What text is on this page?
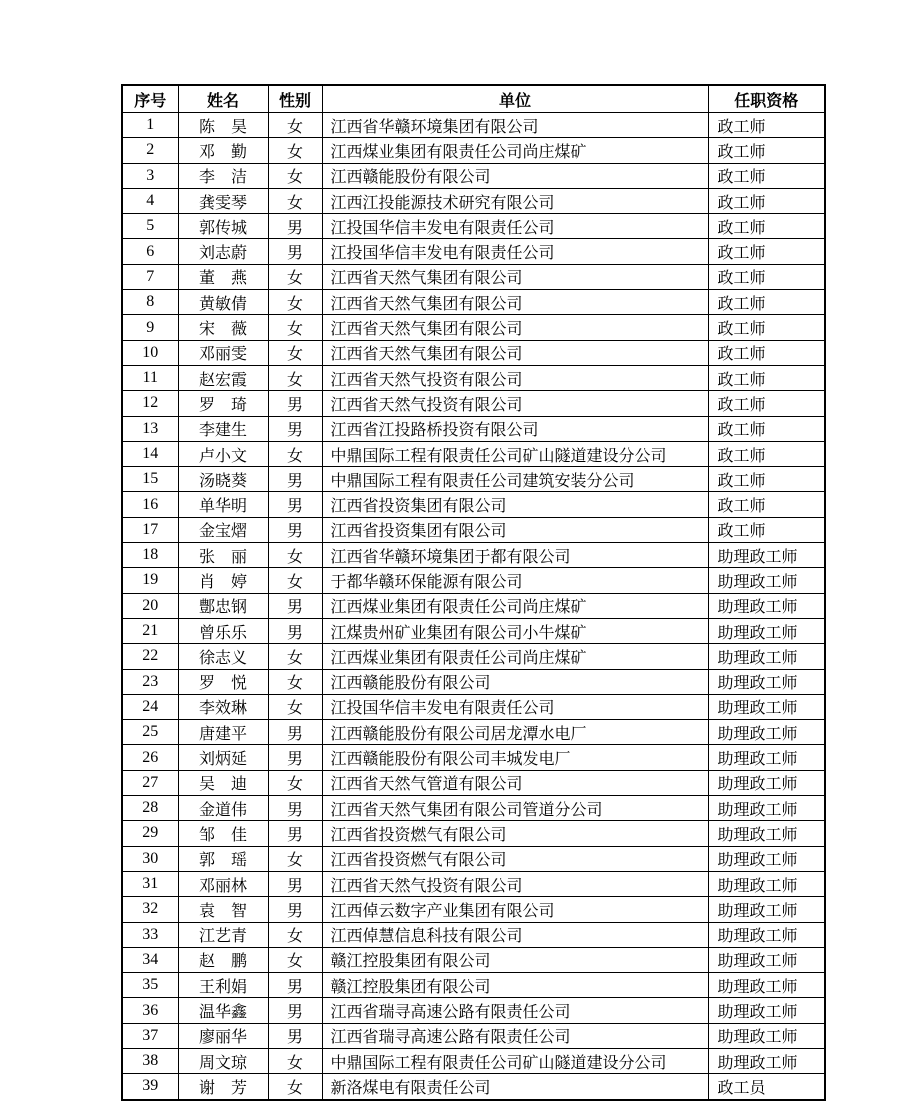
序号	姓名	性别	单位	任职资格
1	陈　昊	女	江西省华赣环境集团有限公司	政工师
2	邓　勤	女	江西煤业集团有限责任公司尚庄煤矿	政工师
3	李　洁	女	江西赣能股份有限公司	政工师
4	龚雯琴	女	江西江投能源技术研究有限公司	政工师
5	郭传城	男	江投国华信丰发电有限责任公司	政工师
6	刘志蔚	男	江投国华信丰发电有限责任公司	政工师
7	董　燕	女	江西省天然气集团有限公司	政工师
8	黄敏倩	女	江西省天然气集团有限公司	政工师
9	宋　薇	女	江西省天然气集团有限公司	政工师
10	邓丽雯	女	江西省天然气集团有限公司	政工师
11	赵宏霞	女	江西省天然气投资有限公司	政工师
12	罗　琦	男	江西省天然气投资有限公司	政工师
13	李建生	男	江西省江投路桥投资有限公司	政工师
14	卢小文	女	中鼎国际工程有限责任公司矿山隧道建设分公司	政工师
15	汤晓葵	男	中鼎国际工程有限责任公司建筑安装分公司	政工师
16	单华明	男	江西省投资集团有限公司	政工师
17	金宝熠	男	江西省投资集团有限公司	政工师
18	张　丽	女	江西省华赣环境集团于都有限公司	助理政工师
19	肖　婷	女	于都华赣环保能源有限公司	助理政工师
20	鄷忠钢	男	江西煤业集团有限责任公司尚庄煤矿	助理政工师
21	曾乐乐	男	江煤贵州矿业集团有限公司小牛煤矿	助理政工师
22	徐志义	女	江西煤业集团有限责任公司尚庄煤矿	助理政工师
23	罗　悦	女	江西赣能股份有限公司	助理政工师
24	李效琳	女	江投国华信丰发电有限责任公司	助理政工师
25	唐建平	男	江西赣能股份有限公司居龙潭水电厂	助理政工师
26	刘炳延	男	江西赣能股份有限公司丰城发电厂	助理政工师
27	吴　迪	女	江西省天然气管道有限公司	助理政工师
28	金道伟	男	江西省天然气集团有限公司管道分公司	助理政工师
29	邹　佳	男	江西省投资燃气有限公司	助理政工师
30	郭　瑶	女	江西省投资燃气有限公司	助理政工师
31	邓丽林	男	江西省天然气投资有限公司	助理政工师
32	袁　智	男	江西倬云数字产业集团有限公司	助理政工师
33	江艺青	女	江西倬慧信息科技有限公司	助理政工师
34	赵　鹏	女	赣江控股集团有限公司	助理政工师
35	王利娟	男	赣江控股集团有限公司	助理政工师
36	温华鑫	男	江西省瑞寻高速公路有限责任公司	助理政工师
37	廖丽华	男	江西省瑞寻高速公路有限责任公司	助理政工师
38	周文琼	女	中鼎国际工程有限责任公司矿山隧道建设分公司	助理政工师
39	谢　芳	女	新洛煤电有限责任公司	政工员
